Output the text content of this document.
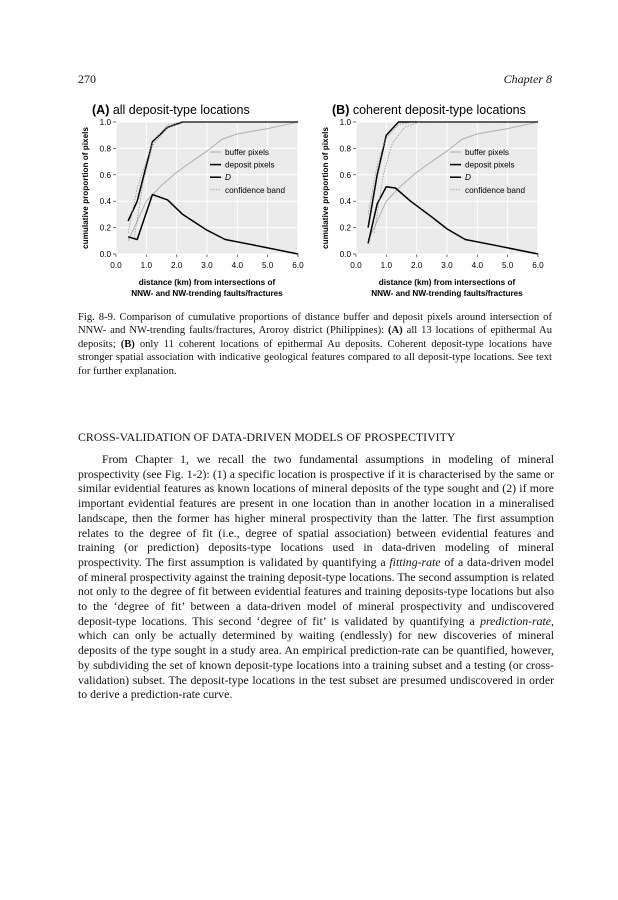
270	Chapter 8
(A) all deposit-type locations
0.0 1.0 2.0 3.0 4.0 5.0 6.0
0.0
0.2
0.4
0.6
0.8
1.0
cumulative proportion of pixels
distance (km) from intersections of
NNW- and NW-trending faults/fractures
buffer pixels
deposit pixels
D
confidence band
(B) coherent deposit-type locations
0.0 1.0 2.0 3.0 4.0 5.0 6.0
0.0
0.2
0.4
0.6
0.8
1.0
cumulative proportion of pixels
distance (km) from intersections of
NNW- and NW-trending faults/fractures
buffer pixels
deposit pixels
D
confidence band
Fig. 8-9. Comparison of cumulative proportions of distance buffer and deposit pixels around intersection of NNW- and NW-trending faults/fractures, Aroroy district (Philippines): (A) all 13 locations of epithermal Au deposits; (B) only 11 coherent locations of epithermal Au deposits. Coherent deposit-type locations have stronger spatial association with indicative geological features compared to all deposit-type locations. See text for further explanation.
CROSS-VALIDATION OF DATA-DRIVEN MODELS OF PROSPECTIVITY

From Chapter 1, we recall the two fundamental assumptions in modeling of mineral prospectivity (see Fig. 1-2): (1) a specific location is prospective if it is characterised by the same or similar evidential features as known locations of mineral deposits of the type sought and (2) if more important evidential features are present in one location than in another location in a mineralised landscape, then the former has higher mineral prospectivity than the latter. The first assumption relates to the degree of fit (i.e., degree of spatial association) between evidential features and training (or prediction) deposits-type locations used in data-driven modeling of mineral prospectivity. The first assumption is validated by quantifying a fitting-rate of a data-driven model of mineral prospectivity against the training deposit-type locations. The second assumption is related not only to the degree of fit between evidential features and training deposits-type locations but also to the ‘degree of fit’ between a data-driven model of mineral prospectivity and undiscovered deposit-type locations. This second ‘degree of fit’ is validated by quantifying a prediction-rate, which can only be actually determined by waiting (endlessly) for new discoveries of mineral deposits of the type sought in a study area. An empirical prediction-rate can be quantified, however, by subdividing the set of known deposit-type locations into a training subset and a testing (or cross-validation) subset. The deposit-type locations in the test subset are presumed undiscovered in order to derive a prediction-rate curve.
